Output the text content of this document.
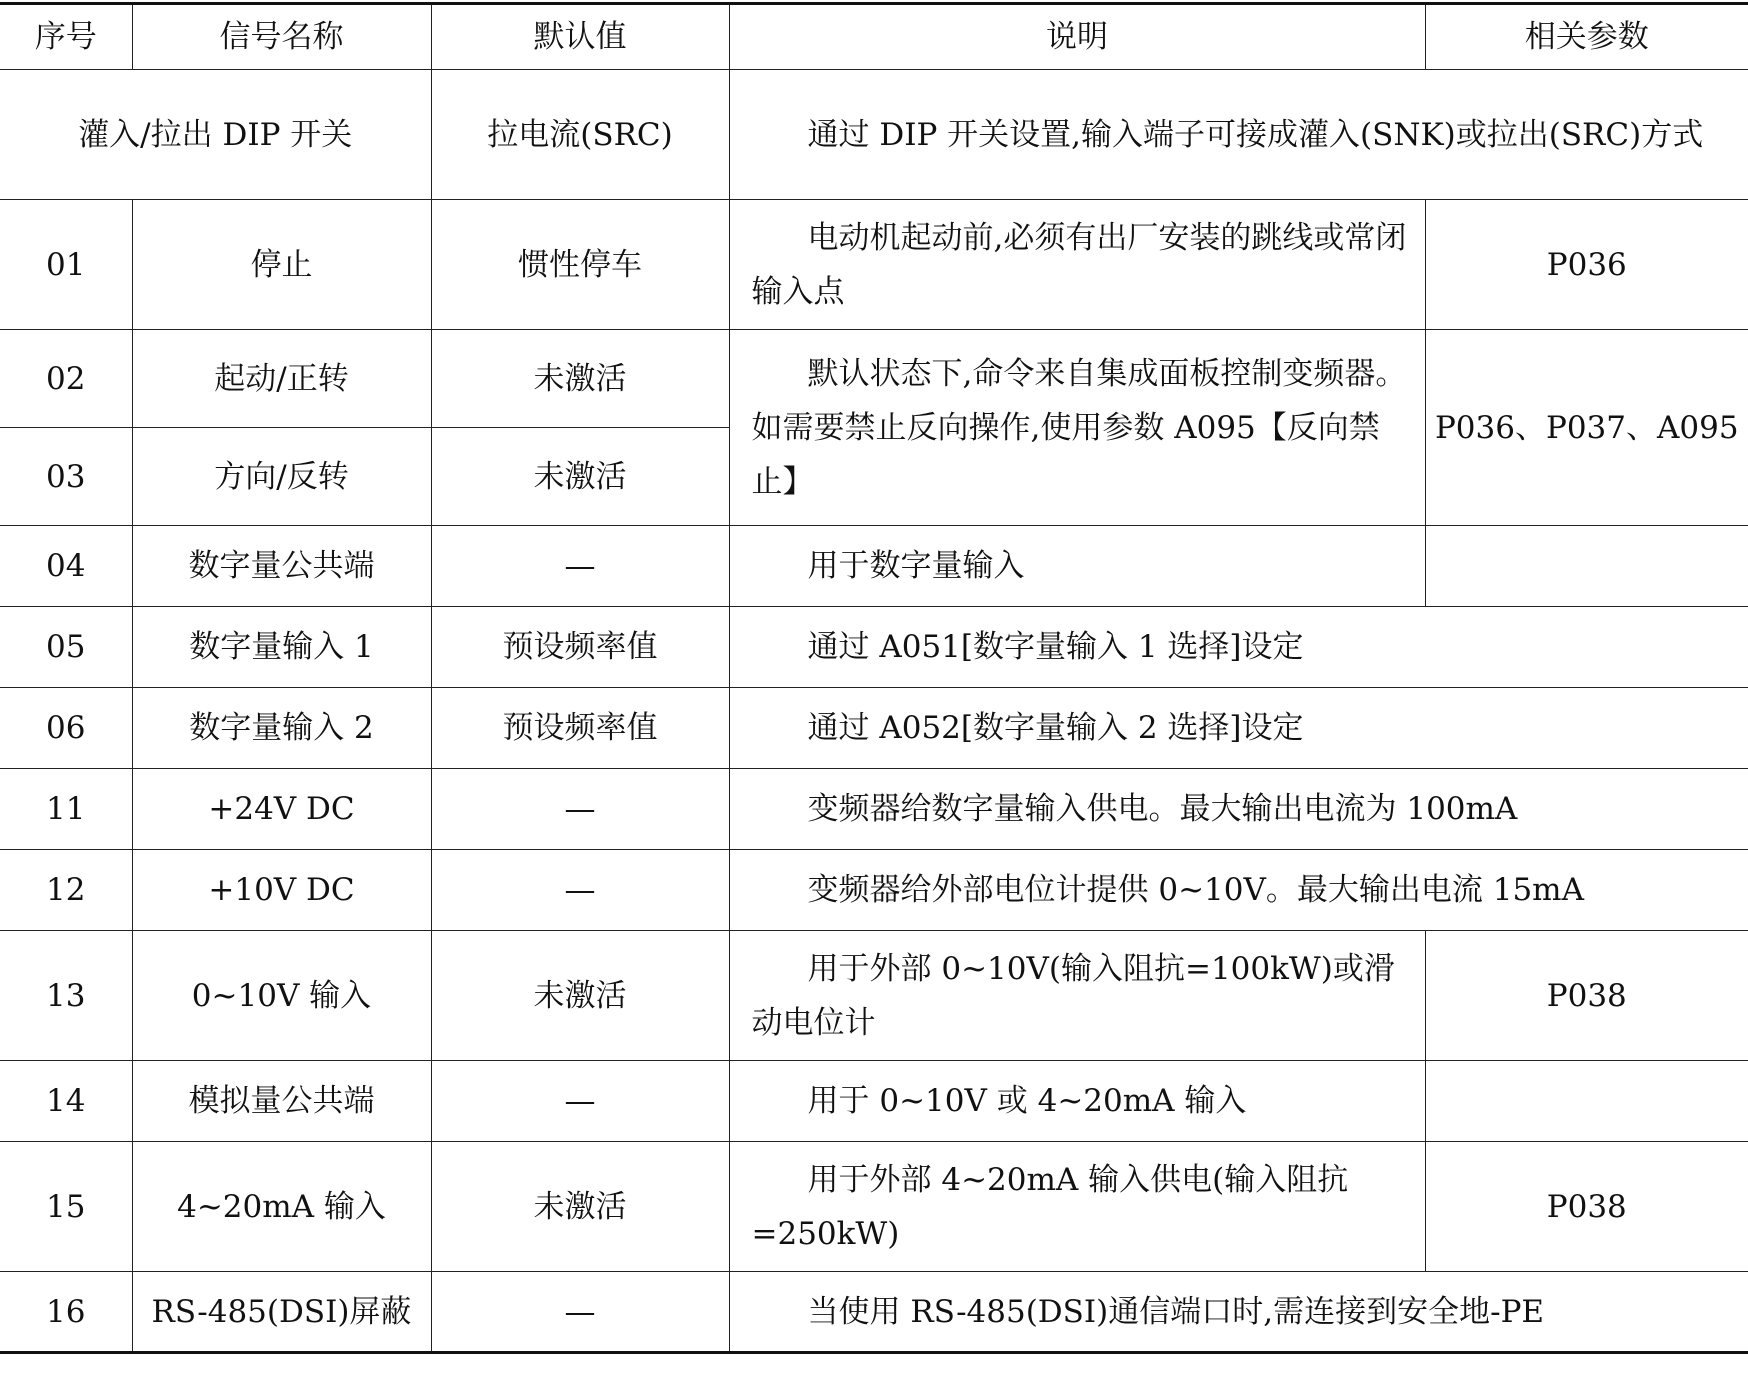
序号	信号名称	默认值	说明	相关参数
灌入/拉出 DIP 开关		拉电流(SRC)	通过 DIP 开关设置,输入端子可接成灌入(SNK)或拉出(SRC)方式	
01	停止	惯性停车	电动机起动前,必须有出厂安装的跳线或常闭输入点	P036
02	起动/正转	未激活	默认状态下,命令来自集成面板控制变频器。如需要禁止反向操作,使用参数 A095【反向禁止】	P036、P037、A095
03	方向/反转	未激活		
04	数字量公共端	—	用于数字量输入	
05	数字量输入 1	预设频率值	通过 A051[数字量输入 1 选择]设定	
06	数字量输入 2	预设频率值	通过 A052[数字量输入 2 选择]设定	
11	+24V DC	—	变频器给数字量输入供电。最大输出电流为 100mA	
12	+10V DC	—	变频器给外部电位计提供 0~10V。最大输出电流 15mA	
13	0~10V 输入	未激活	用于外部 0~10V(输入阻抗=100kW)或滑动电位计	P038
14	模拟量公共端	—	用于 0~10V 或 4~20mA 输入	
15	4~20mA 输入	未激活	用于外部 4~20mA 输入供电(输入阻抗=250kW)	P038
16	RS-485(DSI)屏蔽	—	当使用 RS-485(DSI)通信端口时,需连接到安全地-PE	
